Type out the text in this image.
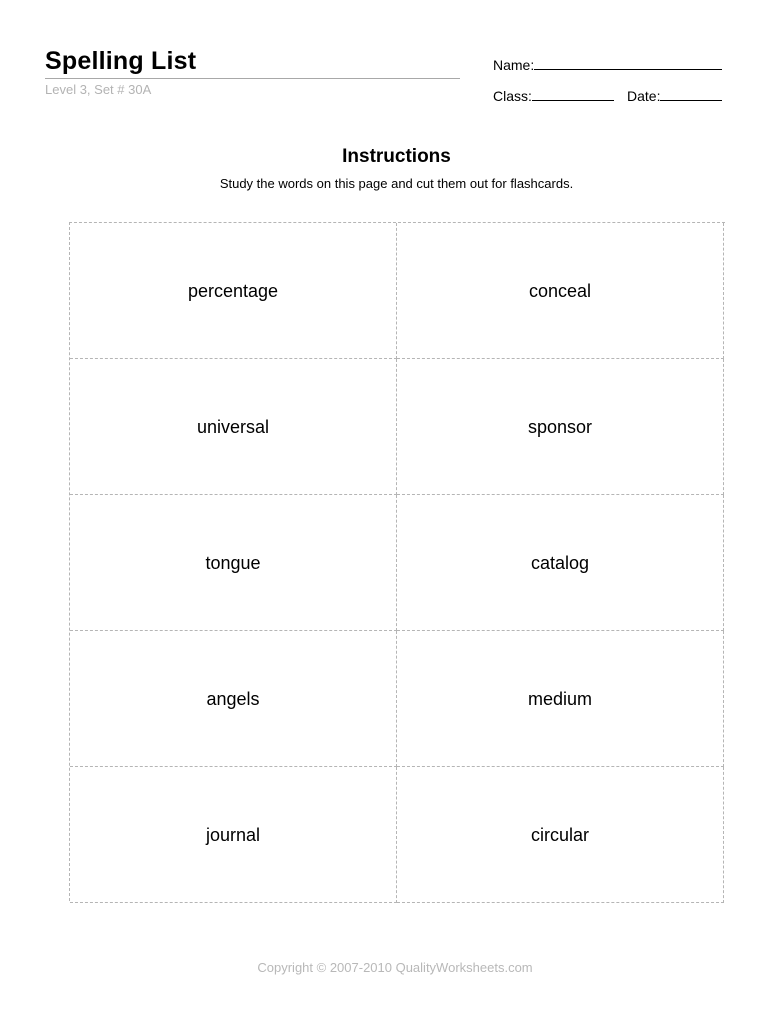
Spelling List
Level 3, Set # 30A
Name:
Class:	Date:
Instructions
Study the words on this page and cut them out for flashcards.
percentage	conceal
universal	sponsor
tongue	catalog
angels	medium
journal	circular
Copyright © 2007-2010 QualityWorksheets.com
